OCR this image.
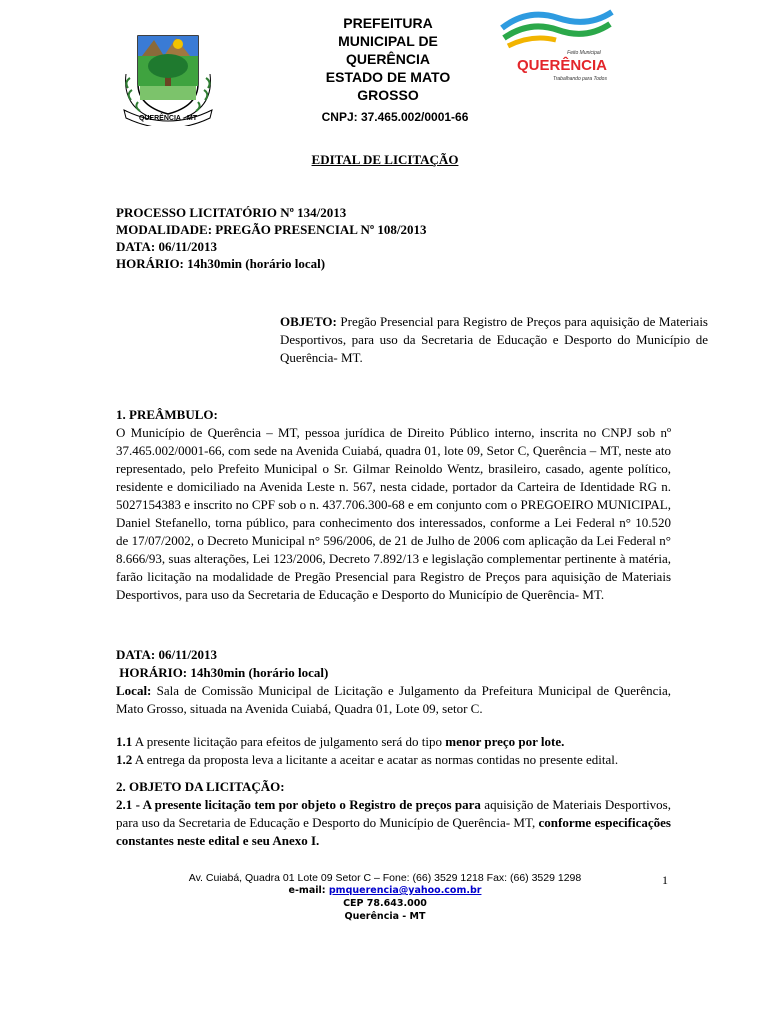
QUERÊNCIA - MT
PREFEITURA
MUNICIPAL DE
QUERÊNCIA
ESTADO DE MATO
GROSSO
CNPJ: 37.465.002/0001-66
Feito Municipal
QUERÊNCIA
Trabalhando para Todos
EDITAL DE LICITAÇÃO
PROCESSO LICITATÓRIO Nº 134/2013
MODALIDADE: PREGÃO PRESENCIAL Nº 108/2013
DATA: 06/11/2013
HORÁRIO: 14h30min (horário local)
OBJETO: Pregão Presencial para Registro de Preços para aquisição de Materiais Desportivos, para uso da Secretaria de Educação e Desporto do Município de Querência- MT.
1. PREÂMBULO:
O Município de Querência – MT, pessoa jurídica de Direito Público interno, inscrita no CNPJ sob nº 37.465.002/0001-66, com sede na Avenida Cuiabá, quadra 01, lote 09, Setor C, Querência – MT, neste ato representado, pelo Prefeito Municipal o Sr. Gilmar Reinoldo Wentz, brasileiro, casado, agente político, residente e domiciliado na Avenida Leste n. 567, nesta cidade, portador da Carteira de Identidade RG n. 5027154383 e inscrito no CPF sob o n. 437.706.300-68 e em conjunto com o PREGOEIRO MUNICIPAL, Daniel Stefanello, torna público, para conhecimento dos interessados, conforme a Lei Federal n° 10.520 de 17/07/2002, o Decreto Municipal n° 596/2006, de 21 de Julho de 2006 com aplicação da Lei Federal n° 8.666/93, suas alterações, Lei 123/2006, Decreto 7.892/13 e legislação complementar pertinente à matéria, farão licitação na modalidade de Pregão Presencial para Registro de Preços para aquisição de Materiais Desportivos, para uso da Secretaria de Educação e Desporto do Município de Querência- MT.
DATA: 06/11/2013
HORÁRIO: 14h30min (horário local)
Local: Sala de Comissão Municipal de Licitação e Julgamento da Prefeitura Municipal de Querência, Mato Grosso, situada na Avenida Cuiabá, Quadra 01, Lote 09, setor C.
1.1 A presente licitação para efeitos de julgamento será do tipo menor preço por lote.
1.2 A entrega da proposta leva a licitante a aceitar e acatar as normas contidas no presente edital.
2. OBJETO DA LICITAÇÃO:
2.1 - A presente licitação tem por objeto o Registro de preços para aquisição de Materiais Desportivos, para uso da Secretaria de Educação e Desporto do Município de Querência- MT, conforme especificações constantes neste edital e seu Anexo I.
Av. Cuiabá, Quadra 01 Lote 09 Setor C – Fone: (66) 3529 1218 Fax: (66) 3529 1298
e-mail: pmquerencia@yahoo.com.br
CEP 78.643.000
Querência - MT
1
